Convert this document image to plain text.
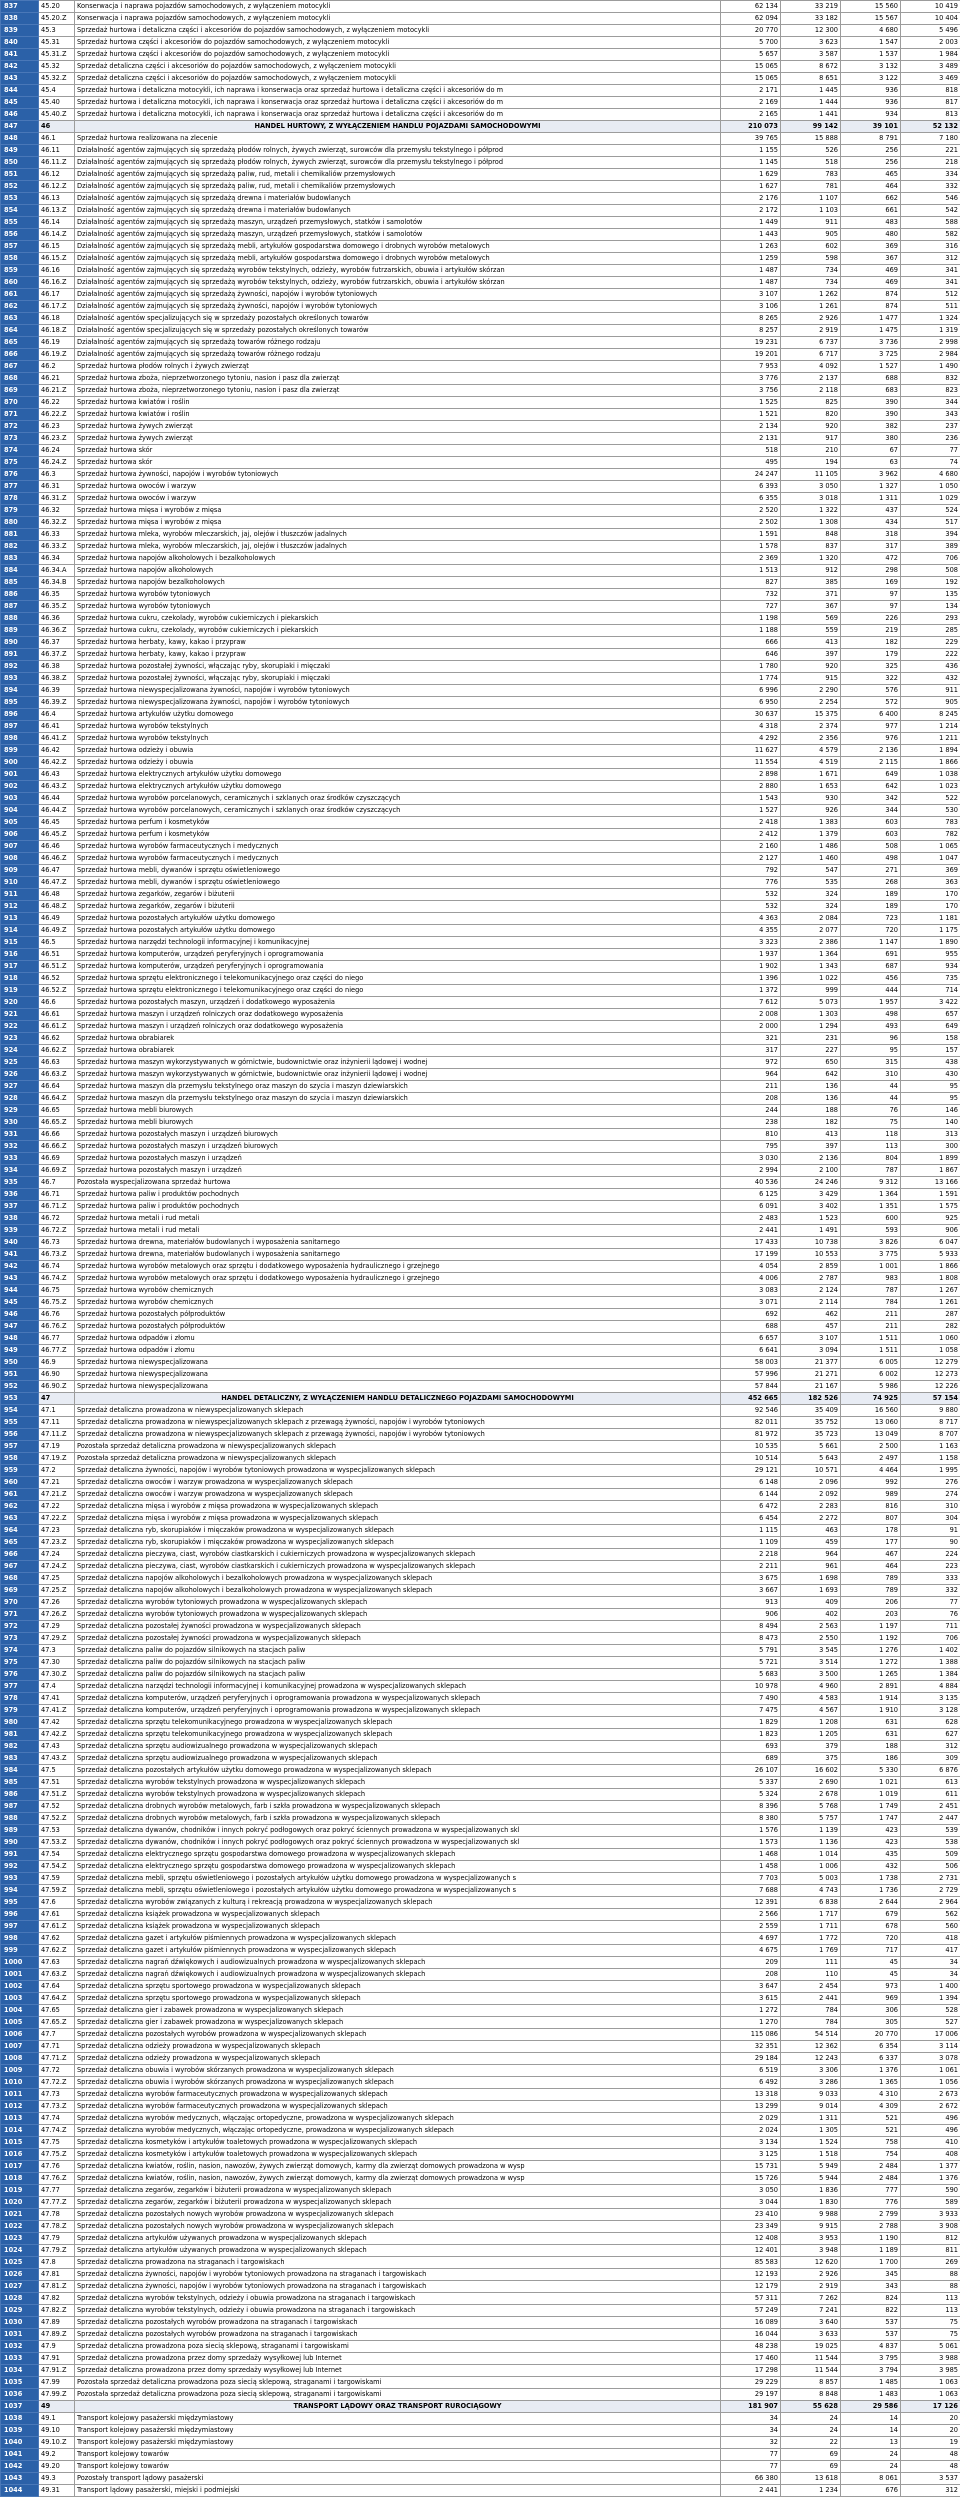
837	45.20	Konserwacja i naprawa pojazdów samochodowych, z wyłączeniem motocykli	62 134	33 219	15 560	10 419
838	45.20.Z	Konserwacja i naprawa pojazdów samochodowych, z wyłączeniem motocykli	62 094	33 182	15 567	10 404
839	45.3	Sprzedaż hurtowa i detaliczna części i akcesoriów do pojazdów samochodowych, z wyłączeniem motocykli	20 770	12 300	4 680	5 496
840	45.31	Sprzedaż hurtowa części i akcesoriów do pojazdów samochodowych, z wyłączeniem motocykli	5 700	3 623	1 547	2 003
841	45.31.Z	Sprzedaż hurtowa części i akcesoriów do pojazdów samochodowych, z wyłączeniem motocykli	5 657	3 587	1 537	1 984
842	45.32	Sprzedaż detaliczna części i akcesoriów do pojazdów samochodowych, z wyłączeniem motocykli	15 065	8 672	3 132	3 489
843	45.32.Z	Sprzedaż detaliczna części i akcesoriów do pojazdów samochodowych, z wyłączeniem motocykli	15 065	8 651	3 122	3 469
844	45.4	Sprzedaż hurtowa i detaliczna motocykli, ich naprawa i konserwacja oraz sprzedaż hurtowa i detaliczna części i akcesoriów do m	2 171	1 445	936	818
845	45.40	Sprzedaż hurtowa i detaliczna motocykli, ich naprawa i konserwacja oraz sprzedaż hurtowa i detaliczna części i akcesoriów do m	2 169	1 444	936	817
846	45.40.Z	Sprzedaż hurtowa i detaliczna motocykli, ich naprawa i konserwacja oraz sprzedaż hurtowa i detaliczna części i akcesoriów do m	2 165	1 441	934	813
847	46	HANDEL HURTOWY, Z WYŁĄCZENIEM HANDLU POJAZDAMI SAMOCHODOWYMI	210 073	99 142	39 101	52 132
848	46.1	Sprzedaż hurtowa realizowana na zlecenie	39 765	15 888	8 791	7 180
849	46.11	Działalność agentów zajmujących się sprzedażą płodów rolnych, żywych zwierząt, surowców dla przemysłu tekstylnego i półprod	1 155	526	256	221
850	46.11.Z	Działalność agentów zajmujących się sprzedażą płodów rolnych, żywych zwierząt, surowców dla przemysłu tekstylnego i półprod	1 145	518	256	218
851	46.12	Działalność agentów zajmujących się sprzedażą paliw, rud, metali i chemikaliów przemysłowych	1 629	783	465	334
852	46.12.Z	Działalność agentów zajmujących się sprzedażą paliw, rud, metali i chemikaliów przemysłowych	1 627	781	464	332
853	46.13	Działalność agentów zajmujących się sprzedażą drewna i materiałów budowlanych	2 176	1 107	662	546
854	46.13.Z	Działalność agentów zajmujących się sprzedażą drewna i materiałów budowlanych	2 172	1 103	661	542
855	46.14	Działalność agentów zajmujących się sprzedażą maszyn, urządzeń przemysłowych, statków i samolotów	1 449	911	483	588
856	46.14.Z	Działalność agentów zajmujących się sprzedażą maszyn, urządzeń przemysłowych, statków i samolotów	1 443	905	480	582
857	46.15	Działalność agentów zajmujących się sprzedażą mebli, artykułów gospodarstwa domowego i drobnych wyrobów metalowych	1 263	602	369	316
858	46.15.Z	Działalność agentów zajmujących się sprzedażą mebli, artykułów gospodarstwa domowego i drobnych wyrobów metalowych	1 259	598	367	312
859	46.16	Działalność agentów zajmujących się sprzedażą wyrobów tekstylnych, odzieży, wyrobów futrzarskich, obuwia i artykułów skórzan	1 487	734	469	341
860	46.16.Z	Działalność agentów zajmujących się sprzedażą wyrobów tekstylnych, odzieży, wyrobów futrzarskich, obuwia i artykułów skórzan	1 487	734	469	341
861	46.17	Działalność agentów zajmujących się sprzedażą żywności, napojów i wyrobów tytoniowych	3 107	1 262	874	512
862	46.17.Z	Działalność agentów zajmujących się sprzedażą żywności, napojów i wyrobów tytoniowych	3 106	1 261	874	511
863	46.18	Działalność agentów specjalizujących się w sprzedaży pozostałych określonych towarów	8 265	2 926	1 477	1 324
864	46.18.Z	Działalność agentów specjalizujących się w sprzedaży pozostałych określonych towarów	8 257	2 919	1 475	1 319
865	46.19	Działalność agentów zajmujących się sprzedażą towarów różnego rodzaju	19 231	6 737	3 736	2 998
866	46.19.Z	Działalność agentów zajmujących się sprzedażą towarów różnego rodzaju	19 201	6 717	3 725	2 984
867	46.2	Sprzedaż hurtowa płodów rolnych i żywych zwierząt	7 953	4 092	1 527	1 490
868	46.21	Sprzedaż hurtowa zboża, nieprzetworzonego tytoniu, nasion i pasz dla zwierząt	3 776	2 137	688	832
869	46.21.Z	Sprzedaż hurtowa zboża, nieprzetworzonego tytoniu, nasion i pasz dla zwierząt	3 756	2 118	683	823
870	46.22	Sprzedaż hurtowa kwiatów i roślin	1 525	825	390	344
871	46.22.Z	Sprzedaż hurtowa kwiatów i roślin	1 521	820	390	343
872	46.23	Sprzedaż hurtowa żywych zwierząt	2 134	920	382	237
873	46.23.Z	Sprzedaż hurtowa żywych zwierząt	2 131	917	380	236
874	46.24	Sprzedaż hurtowa skór	518	210	67	77
875	46.24.Z	Sprzedaż hurtowa skór	495	194	63	74
876	46.3	Sprzedaż hurtowa żywności, napojów i wyrobów tytoniowych	24 247	11 105	3 962	4 680
877	46.31	Sprzedaż hurtowa owoców i warzyw	6 393	3 050	1 327	1 050
878	46.31.Z	Sprzedaż hurtowa owoców i warzyw	6 355	3 018	1 311	1 029
879	46.32	Sprzedaż hurtowa mięsa i wyrobów z mięsa	2 520	1 322	437	524
880	46.32.Z	Sprzedaż hurtowa mięsa i wyrobów z mięsa	2 502	1 308	434	517
881	46.33	Sprzedaż hurtowa mleka, wyrobów mleczarskich, jaj, olejów i tłuszczów jadalnych	1 591	848	318	394
882	46.33.Z	Sprzedaż hurtowa mleka, wyrobów mleczarskich, jaj, olejów i tłuszczów jadalnych	1 578	837	317	389
883	46.34	Sprzedaż hurtowa napojów alkoholowych i bezalkoholowych	2 369	1 320	472	706
884	46.34.A	Sprzedaż hurtowa napojów alkoholowych	1 513	912	298	508
885	46.34.B	Sprzedaż hurtowa napojów bezalkoholowych	827	385	169	192
886	46.35	Sprzedaż hurtowa wyrobów tytoniowych	732	371	97	135
887	46.35.Z	Sprzedaż hurtowa wyrobów tytoniowych	727	367	97	134
888	46.36	Sprzedaż hurtowa cukru, czekolady, wyrobów cukierniczych i piekarskich	1 198	569	226	293
889	46.36.Z	Sprzedaż hurtowa cukru, czekolady, wyrobów cukierniczych i piekarskich	1 188	559	219	285
890	46.37	Sprzedaż hurtowa herbaty, kawy, kakao i przypraw	666	413	182	229
891	46.37.Z	Sprzedaż hurtowa herbaty, kawy, kakao i przypraw	646	397	179	222
892	46.38	Sprzedaż hurtowa pozostałej żywności, włączając ryby, skorupiaki i mięczaki	1 780	920	325	436
893	46.38.Z	Sprzedaż hurtowa pozostałej żywności, włączając ryby, skorupiaki i mięczaki	1 774	915	322	432
894	46.39	Sprzedaż hurtowa niewyspecjalizowana żywności, napojów i wyrobów tytoniowych	6 996	2 290	576	911
895	46.39.Z	Sprzedaż hurtowa niewyspecjalizowana żywności, napojów i wyrobów tytoniowych	6 950	2 254	572	905
896	46.4	Sprzedaż hurtowa artykułów użytku domowego	30 637	15 375	6 400	8 245
897	46.41	Sprzedaż hurtowa wyrobów tekstylnych	4 318	2 374	977	1 214
898	46.41.Z	Sprzedaż hurtowa wyrobów tekstylnych	4 292	2 356	976	1 211
899	46.42	Sprzedaż hurtowa odzieży i obuwia	11 627	4 579	2 136	1 894
900	46.42.Z	Sprzedaż hurtowa odzieży i obuwia	11 554	4 519	2 115	1 866
901	46.43	Sprzedaż hurtowa elektrycznych artykułów użytku domowego	2 898	1 671	649	1 038
902	46.43.Z	Sprzedaż hurtowa elektrycznych artykułów użytku domowego	2 880	1 653	642	1 023
903	46.44	Sprzedaż hurtowa wyrobów porcelanowych, ceramicznych i szklanych oraz środków czyszczących	1 543	930	342	522
904	46.44.Z	Sprzedaż hurtowa wyrobów porcelanowych, ceramicznych i szklanych oraz środków czyszczących	1 527	926	344	530
905	46.45	Sprzedaż hurtowa perfum i kosmetyków	2 418	1 383	603	783
906	46.45.Z	Sprzedaż hurtowa perfum i kosmetyków	2 412	1 379	603	782
907	46.46	Sprzedaż hurtowa wyrobów farmaceutycznych i medycznych	2 160	1 486	508	1 065
908	46.46.Z	Sprzedaż hurtowa wyrobów farmaceutycznych i medycznych	2 127	1 460	498	1 047
909	46.47	Sprzedaż hurtowa mebli, dywanów i sprzętu oświetleniowego	792	547	271	369
910	46.47.Z	Sprzedaż hurtowa mebli, dywanów i sprzętu oświetleniowego	776	535	268	363
911	46.48	Sprzedaż hurtowa zegarków, zegarów i biżuterii	532	324	189	170
912	46.48.Z	Sprzedaż hurtowa zegarków, zegarów i biżuterii	532	324	189	170
913	46.49	Sprzedaż hurtowa pozostałych artykułów użytku domowego	4 363	2 084	723	1 181
914	46.49.Z	Sprzedaż hurtowa pozostałych artykułów użytku domowego	4 355	2 077	720	1 175
915	46.5	Sprzedaż hurtowa narzędzi technologii informacyjnej i komunikacyjnej	3 323	2 386	1 147	1 890
916	46.51	Sprzedaż hurtowa komputerów, urządzeń peryferyjnych i oprogramowania	1 937	1 364	691	955
917	46.51.Z	Sprzedaż hurtowa komputerów, urządzeń peryferyjnych i oprogramowania	1 902	1 343	687	934
918	46.52	Sprzedaż hurtowa sprzętu elektronicznego i telekomunikacyjnego oraz części do niego	1 396	1 022	456	735
919	46.52.Z	Sprzedaż hurtowa sprzętu elektronicznego i telekomunikacyjnego oraz części do niego	1 372	999	444	714
920	46.6	Sprzedaż hurtowa pozostałych maszyn, urządzeń i dodatkowego wyposażenia	7 612	5 073	1 957	3 422
921	46.61	Sprzedaż hurtowa maszyn i urządzeń rolniczych oraz dodatkowego wyposażenia	2 008	1 303	498	657
922	46.61.Z	Sprzedaż hurtowa maszyn i urządzeń rolniczych oraz dodatkowego wyposażenia	2 000	1 294	493	649
923	46.62	Sprzedaż hurtowa obrabiarek	321	231	96	158
924	46.62.Z	Sprzedaż hurtowa obrabiarek	317	227	95	157
925	46.63	Sprzedaż hurtowa maszyn wykorzystywanych w górnictwie, budownictwie oraz inżynierii lądowej i wodnej	972	650	315	438
926	46.63.Z	Sprzedaż hurtowa maszyn wykorzystywanych w górnictwie, budownictwie oraz inżynierii lądowej i wodnej	964	642	310	430
927	46.64	Sprzedaż hurtowa maszyn dla przemysłu tekstylnego oraz maszyn do szycia i maszyn dziewiarskich	211	136	44	95
928	46.64.Z	Sprzedaż hurtowa maszyn dla przemysłu tekstylnego oraz maszyn do szycia i maszyn dziewiarskich	208	136	44	95
929	46.65	Sprzedaż hurtowa mebli biurowych	244	188	76	146
930	46.65.Z	Sprzedaż hurtowa mebli biurowych	238	182	75	140
931	46.66	Sprzedaż hurtowa pozostałych maszyn i urządzeń biurowych	810	413	118	313
932	46.66.Z	Sprzedaż hurtowa pozostałych maszyn i urządzeń biurowych	795	397	113	300
933	46.69	Sprzedaż hurtowa pozostałych maszyn i urządzeń	3 030	2 136	804	1 899
934	46.69.Z	Sprzedaż hurtowa pozostałych maszyn i urządzeń	2 994	2 100	787	1 867
935	46.7	Pozostała wyspecjalizowana sprzedaż hurtowa	40 536	24 246	9 312	13 166
936	46.71	Sprzedaż hurtowa paliw i produktów pochodnych	6 125	3 429	1 364	1 591
937	46.71.Z	Sprzedaż hurtowa paliw i produktów pochodnych	6 091	3 402	1 351	1 575
938	46.72	Sprzedaż hurtowa metali i rud metali	2 483	1 523	600	925
939	46.72.Z	Sprzedaż hurtowa metali i rud metali	2 441	1 491	593	906
940	46.73	Sprzedaż hurtowa drewna, materiałów budowlanych i wyposażenia sanitarnego	17 433	10 738	3 826	6 047
941	46.73.Z	Sprzedaż hurtowa drewna, materiałów budowlanych i wyposażenia sanitarnego	17 199	10 553	3 775	5 933
942	46.74	Sprzedaż hurtowa wyrobów metalowych oraz sprzętu i dodatkowego wyposażenia hydraulicznego i grzejnego	4 054	2 859	1 001	1 866
943	46.74.Z	Sprzedaż hurtowa wyrobów metalowych oraz sprzętu i dodatkowego wyposażenia hydraulicznego i grzejnego	4 006	2 787	983	1 808
944	46.75	Sprzedaż hurtowa wyrobów chemicznych	3 083	2 124	787	1 267
945	46.75.Z	Sprzedaż hurtowa wyrobów chemicznych	3 071	2 114	784	1 261
946	46.76	Sprzedaż hurtowa pozostałych półproduktów	692	462	211	287
947	46.76.Z	Sprzedaż hurtowa pozostałych półproduktów	688	457	211	282
948	46.77	Sprzedaż hurtowa odpadów i złomu	6 657	3 107	1 511	1 060
949	46.77.Z	Sprzedaż hurtowa odpadów i złomu	6 641	3 094	1 511	1 058
950	46.9	Sprzedaż hurtowa niewyspecjalizowana	58 003	21 377	6 005	12 279
951	46.90	Sprzedaż hurtowa niewyspecjalizowana	57 996	21 271	6 002	12 273
952	46.90.Z	Sprzedaż hurtowa niewyspecjalizowana	57 844	21 167	5 986	12 226
953	47	HANDEL DETALICZNY, Z WYŁĄCZENIEM HANDLU DETALICZNEGO POJAZDAMI SAMOCHODOWYMI	452 665	182 526	74 925	57 154
954	47.1	Sprzedaż detaliczna prowadzona w niewyspecjalizowanych sklepach	92 546	35 409	16 560	9 880
955	47.11	Sprzedaż detaliczna prowadzona w niewyspecjalizowanych sklepach z przewagą żywności, napojów i wyrobów tytoniowych	82 011	35 752	13 060	8 717
956	47.11.Z	Sprzedaż detaliczna prowadzona w niewyspecjalizowanych sklepach z przewagą żywności, napojów i wyrobów tytoniowych	81 972	35 723	13 049	8 707
957	47.19	Pozostała sprzedaż detaliczna prowadzona w niewyspecjalizowanych sklepach	10 535	5 661	2 500	1 163
958	47.19.Z	Pozostała sprzedaż detaliczna prowadzona w niewyspecjalizowanych sklepach	10 514	5 643	2 497	1 158
959	47.2	Sprzedaż detaliczna żywności, napojów i wyrobów tytoniowych prowadzona w wyspecjalizowanych sklepach	29 121	10 571	4 464	1 995
960	47.21	Sprzedaż detaliczna owoców i warzyw prowadzona w wyspecjalizowanych sklepach	6 148	2 096	992	276
961	47.21.Z	Sprzedaż detaliczna owoców i warzyw prowadzona w wyspecjalizowanych sklepach	6 144	2 092	989	274
962	47.22	Sprzedaż detaliczna mięsa i wyrobów z mięsa prowadzona w wyspecjalizowanych sklepach	6 472	2 283	816	310
963	47.22.Z	Sprzedaż detaliczna mięsa i wyrobów z mięsa prowadzona w wyspecjalizowanych sklepach	6 454	2 272	807	304
964	47.23	Sprzedaż detaliczna ryb, skorupiaków i mięczaków prowadzona w wyspecjalizowanych sklepach	1 115	463	178	91
965	47.23.Z	Sprzedaż detaliczna ryb, skorupiaków i mięczaków prowadzona w wyspecjalizowanych sklepach	1 109	459	177	90
966	47.24	Sprzedaż detaliczna pieczywa, ciast, wyrobów ciastkarskich i cukierniczych prowadzona w wyspecjalizowanych sklepach	2 218	964	467	224
967	47.24.Z	Sprzedaż detaliczna pieczywa, ciast, wyrobów ciastkarskich i cukierniczych prowadzona w wyspecjalizowanych sklepach	2 211	961	464	223
968	47.25	Sprzedaż detaliczna napojów alkoholowych i bezalkoholowych prowadzona w wyspecjalizowanych sklepach	3 675	1 698	789	333
969	47.25.Z	Sprzedaż detaliczna napojów alkoholowych i bezalkoholowych prowadzona w wyspecjalizowanych sklepach	3 667	1 693	789	332
970	47.26	Sprzedaż detaliczna wyrobów tytoniowych prowadzona w wyspecjalizowanych sklepach	913	409	206	77
971	47.26.Z	Sprzedaż detaliczna wyrobów tytoniowych prowadzona w wyspecjalizowanych sklepach	906	402	203	76
972	47.29	Sprzedaż detaliczna pozostałej żywności prowadzona w wyspecjalizowanych sklepach	8 494	2 563	1 197	711
973	47.29.Z	Sprzedaż detaliczna pozostałej żywności prowadzona w wyspecjalizowanych sklepach	8 473	2 550	1 192	706
974	47.3	Sprzedaż detaliczna paliw do pojazdów silnikowych na stacjach paliw	5 791	3 545	1 276	1 402
975	47.30	Sprzedaż detaliczna paliw do pojazdów silnikowych na stacjach paliw	5 721	3 514	1 272	1 388
976	47.30.Z	Sprzedaż detaliczna paliw do pojazdów silnikowych na stacjach paliw	5 683	3 500	1 265	1 384
977	47.4	Sprzedaż detaliczna narzędzi technologii informacyjnej i komunikacyjnej prowadzona w wyspecjalizowanych sklepach	10 978	4 960	2 891	4 884
978	47.41	Sprzedaż detaliczna komputerów, urządzeń peryferyjnych i oprogramowania prowadzona w wyspecjalizowanych sklepach	7 490	4 583	1 914	3 135
979	47.41.Z	Sprzedaż detaliczna komputerów, urządzeń peryferyjnych i oprogramowania prowadzona w wyspecjalizowanych sklepach	7 475	4 567	1 910	3 128
980	47.42	Sprzedaż detaliczna sprzętu telekomunikacyjnego prowadzona w wyspecjalizowanych sklepach	1 829	1 208	631	628
981	47.42.Z	Sprzedaż detaliczna sprzętu telekomunikacyjnego prowadzona w wyspecjalizowanych sklepach	1 823	1 205	631	627
982	47.43	Sprzedaż detaliczna sprzętu audiowizualnego prowadzona w wyspecjalizowanych sklepach	693	379	188	312
983	47.43.Z	Sprzedaż detaliczna sprzętu audiowizualnego prowadzona w wyspecjalizowanych sklepach	689	375	186	309
984	47.5	Sprzedaż detaliczna pozostałych artykułów użytku domowego prowadzona w wyspecjalizowanych sklepach	26 107	16 602	5 330	6 876
985	47.51	Sprzedaż detaliczna wyrobów tekstylnych prowadzona w wyspecjalizowanych sklepach	5 337	2 690	1 021	613
986	47.51.Z	Sprzedaż detaliczna wyrobów tekstylnych prowadzona w wyspecjalizowanych sklepach	5 324	2 678	1 019	611
987	47.52	Sprzedaż detaliczna drobnych wyrobów metalowych, farb i szkła prowadzona w wyspecjalizowanych sklepach	8 396	5 768	1 749	2 451
988	47.52.Z	Sprzedaż detaliczna drobnych wyrobów metalowych, farb i szkła prowadzona w wyspecjalizowanych sklepach	8 380	5 757	1 747	2 447
989	47.53	Sprzedaż detaliczna dywanów, chodników i innych pokryć podłogowych oraz pokryć ściennych prowadzona w wyspecjalizowanych skl	1 576	1 139	423	539
990	47.53.Z	Sprzedaż detaliczna dywanów, chodników i innych pokryć podłogowych oraz pokryć ściennych prowadzona w wyspecjalizowanych skl	1 573	1 136	423	538
991	47.54	Sprzedaż detaliczna elektrycznego sprzętu gospodarstwa domowego prowadzona w wyspecjalizowanych sklepach	1 468	1 014	435	509
992	47.54.Z	Sprzedaż detaliczna elektrycznego sprzętu gospodarstwa domowego prowadzona w wyspecjalizowanych sklepach	1 458	1 006	432	506
993	47.59	Sprzedaż detaliczna mebli, sprzętu oświetleniowego i pozostałych artykułów użytku domowego prowadzona w wyspecjalizowanych s	7 703	5 003	1 738	2 731
994	47.59.Z	Sprzedaż detaliczna mebli, sprzętu oświetleniowego i pozostałych artykułów użytku domowego prowadzona w wyspecjalizowanych s	7 688	4 743	1 736	2 729
995	47.6	Sprzedaż detaliczna wyrobów związanych z kulturą i rekreacją prowadzona w wyspecjalizowanych sklepach	12 391	6 838	2 644	2 964
996	47.61	Sprzedaż detaliczna książek prowadzona w wyspecjalizowanych sklepach	2 566	1 717	679	562
997	47.61.Z	Sprzedaż detaliczna książek prowadzona w wyspecjalizowanych sklepach	2 559	1 711	678	560
998	47.62	Sprzedaż detaliczna gazet i artykułów piśmiennych prowadzona w wyspecjalizowanych sklepach	4 697	1 772	720	418
999	47.62.Z	Sprzedaż detaliczna gazet i artykułów piśmiennych prowadzona w wyspecjalizowanych sklepach	4 675	1 769	717	417
1000	47.63	Sprzedaż detaliczna nagrań dźwiękowych i audiowizualnych prowadzona w wyspecjalizowanych sklepach	209	111	45	34
1001	47.63.Z	Sprzedaż detaliczna nagrań dźwiękowych i audiowizualnych prowadzona w wyspecjalizowanych sklepach	208	110	45	34
1002	47.64	Sprzedaż detaliczna sprzętu sportowego prowadzona w wyspecjalizowanych sklepach	3 647	2 454	973	1 400
1003	47.64.Z	Sprzedaż detaliczna sprzętu sportowego prowadzona w wyspecjalizowanych sklepach	3 615	2 441	969	1 394
1004	47.65	Sprzedaż detaliczna gier i zabawek prowadzona w wyspecjalizowanych sklepach	1 272	784	306	528
1005	47.65.Z	Sprzedaż detaliczna gier i zabawek prowadzona w wyspecjalizowanych sklepach	1 270	784	305	527
1006	47.7	Sprzedaż detaliczna pozostałych wyrobów prowadzona w wyspecjalizowanych sklepach	115 086	54 514	20 770	17 006
1007	47.71	Sprzedaż detaliczna odzieży prowadzona w wyspecjalizowanych sklepach	32 351	12 362	6 354	3 114
1008	47.71.Z	Sprzedaż detaliczna odzieży prowadzona w wyspecjalizowanych sklepach	29 184	12 243	6 337	3 078
1009	47.72	Sprzedaż detaliczna obuwia i wyrobów skórzanych prowadzona w wyspecjalizowanych sklepach	6 519	3 306	1 376	1 061
1010	47.72.Z	Sprzedaż detaliczna obuwia i wyrobów skórzanych prowadzona w wyspecjalizowanych sklepach	6 492	3 286	1 365	1 056
1011	47.73	Sprzedaż detaliczna wyrobów farmaceutycznych prowadzona w wyspecjalizowanych sklepach	13 318	9 033	4 310	2 673
1012	47.73.Z	Sprzedaż detaliczna wyrobów farmaceutycznych prowadzona w wyspecjalizowanych sklepach	13 299	9 014	4 309	2 672
1013	47.74	Sprzedaż detaliczna wyrobów medycznych, włączając ortopedyczne, prowadzona w wyspecjalizowanych sklepach	2 029	1 311	521	496
1014	47.74.Z	Sprzedaż detaliczna wyrobów medycznych, włączając ortopedyczne, prowadzona w wyspecjalizowanych sklepach	2 024	1 305	521	496
1015	47.75	Sprzedaż detaliczna kosmetyków i artykułów toaletowych prowadzona w wyspecjalizowanych sklepach	3 134	1 524	758	410
1016	47.75.Z	Sprzedaż detaliczna kosmetyków i artykułów toaletowych prowadzona w wyspecjalizowanych sklepach	3 125	1 518	754	408
1017	47.76	Sprzedaż detaliczna kwiatów, roślin, nasion, nawozów, żywych zwierząt domowych, karmy dla zwierząt domowych prowadzona w wysp	15 731	5 949	2 484	1 377
1018	47.76.Z	Sprzedaż detaliczna kwiatów, roślin, nasion, nawozów, żywych zwierząt domowych, karmy dla zwierząt domowych prowadzona w wysp	15 726	5 944	2 484	1 376
1019	47.77	Sprzedaż detaliczna zegarów, zegarków i biżuterii prowadzona w wyspecjalizowanych sklepach	3 050	1 836	777	590
1020	47.77.Z	Sprzedaż detaliczna zegarów, zegarków i biżuterii prowadzona w wyspecjalizowanych sklepach	3 044	1 830	776	589
1021	47.78	Sprzedaż detaliczna pozostałych nowych wyrobów prowadzona w wyspecjalizowanych sklepach	23 410	9 988	2 799	3 933
1022	47.78.Z	Sprzedaż detaliczna pozostałych nowych wyrobów prowadzona w wyspecjalizowanych sklepach	23 349	9 915	2 788	3 908
1023	47.79	Sprzedaż detaliczna artykułów używanych prowadzona w wyspecjalizowanych sklepach	12 408	3 953	1 190	812
1024	47.79.Z	Sprzedaż detaliczna artykułów używanych prowadzona w wyspecjalizowanych sklepach	12 401	3 948	1 189	811
1025	47.8	Sprzedaż detaliczna prowadzona na straganach i targowiskach	85 583	12 620	1 700	269
1026	47.81	Sprzedaż detaliczna żywności, napojów i wyrobów tytoniowych prowadzona na straganach i targowiskach	12 193	2 926	345	88
1027	47.81.Z	Sprzedaż detaliczna żywności, napojów i wyrobów tytoniowych prowadzona na straganach i targowiskach	12 179	2 919	343	88
1028	47.82	Sprzedaż detaliczna wyrobów tekstylnych, odzieży i obuwia prowadzona na straganach i targowiskach	57 311	7 262	824	113
1029	47.82.Z	Sprzedaż detaliczna wyrobów tekstylnych, odzieży i obuwia prowadzona na straganach i targowiskach	57 249	7 241	822	113
1030	47.89	Sprzedaż detaliczna pozostałych wyrobów prowadzona na straganach i targowiskach	16 089	3 640	537	75
1031	47.89.Z	Sprzedaż detaliczna pozostałych wyrobów prowadzona na straganach i targowiskach	16 044	3 633	537	75
1032	47.9	Sprzedaż detaliczna prowadzona poza siecią sklepową, straganami i targowiskami	48 238	19 025	4 837	5 061
1033	47.91	Sprzedaż detaliczna prowadzona przez domy sprzedaży wysyłkowej lub Internet	17 460	11 544	3 795	3 988
1034	47.91.Z	Sprzedaż detaliczna prowadzona przez domy sprzedaży wysyłkowej lub Internet	17 298	11 544	3 794	3 985
1035	47.99	Pozostała sprzedaż detaliczna prowadzona poza siecią sklepową, straganami i targowiskami	29 229	8 857	1 485	1 063
1036	47.99.Z	Pozostała sprzedaż detaliczna prowadzona poza siecią sklepową, straganami i targowiskami	29 197	8 848	1 483	1 063
1037	49	TRANSPORT LĄDOWY ORAZ TRANSPORT RUROCIĄGOWY	181 907	55 628	29 586	17 126
1038	49.1	Transport kolejowy pasażerski międzymiastowy	34	24	14	20
1039	49.10	Transport kolejowy pasażerski międzymiastowy	34	24	14	20
1040	49.10.Z	Transport kolejowy pasażerski międzymiastowy	32	22	13	19
1041	49.2	Transport kolejowy towarów	77	69	24	48
1042	49.20	Transport kolejowy towarów	77	69	24	48
1043	49.3	Pozostały transport lądowy pasażerski	66 380	13 618	8 061	3 537
1044	49.31	Transport lądowy pasażerski, miejski i podmiejski	2 441	1 234	676	312
